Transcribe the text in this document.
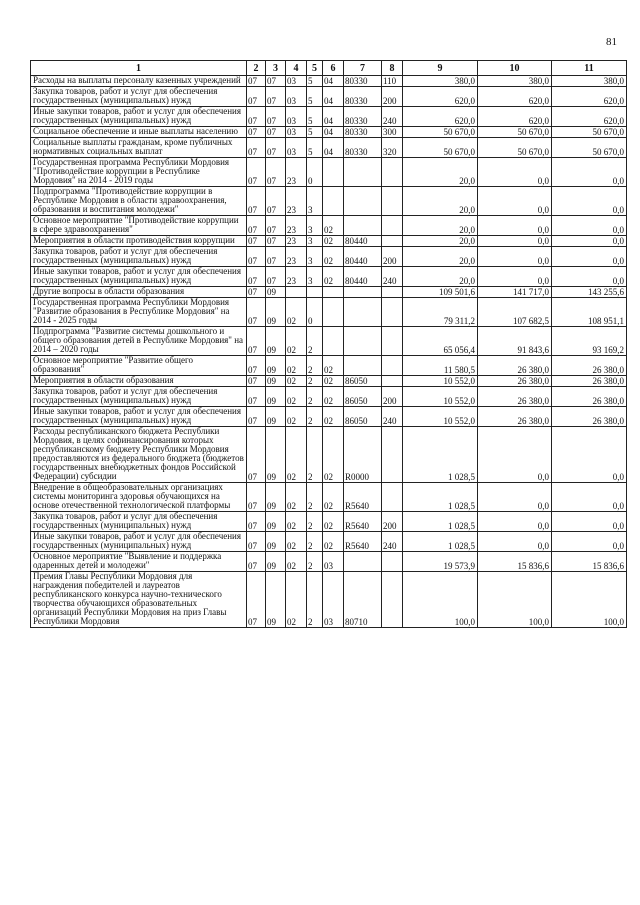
81
1	2	3	4	5	6	7	8	9	10	11
Расходы на выплаты персоналу казенных учреждений	07	07	03	5	04	80330	110	380,0	380,0	380,0
Закупка товаров, работ и услуг для обеспечения государственных (муниципальных) нужд	07	07	03	5	04	80330	200	620,0	620,0	620,0
Иные закупки товаров, работ и услуг для обеспечения государственных (муниципальных) нужд	07	07	03	5	04	80330	240	620,0	620,0	620,0
Социальное обеспечение и иные выплаты населению	07	07	03	5	04	80330	300	50 670,0	50 670,0	50 670,0
Социальные выплаты гражданам, кроме публичных нормативных социальных выплат	07	07	03	5	04	80330	320	50 670,0	50 670,0	50 670,0
Государственная программа Республики Мордовия "Противодействие коррупции в Республике Мордовия" на 2014 - 2019 годы	07	07	23	0				20,0	0,0	0,0
Подпрограмма "Противодействие коррупции в Республике Мордовия в области здравоохранения, образования и воспитания молодежи"	07	07	23	3				20,0	0,0	0,0
Основное мероприятие "Противодействие коррупции в сфере здравоохранения"	07	07	23	3	02			20,0	0,0	0,0
Мероприятия в области противодействия коррупции	07	07	23	3	02	80440		20,0	0,0	0,0
Закупка товаров, работ и услуг для обеспечения государственных (муниципальных) нужд	07	07	23	3	02	80440	200	20,0	0,0	0,0
Иные закупки товаров, работ и услуг для обеспечения государственных (муниципальных) нужд	07	07	23	3	02	80440	240	20,0	0,0	0,0
Другие вопросы в области образования	07	09						109 501,6	141 717,0	143 255,6
Государственная программа Республики Мордовия "Развитие образования в Республике Мордовия" на 2014 - 2025 годы	07	09	02	0				79 311,2	107 682,5	108 951,1
Подпрограмма "Развитие системы дошкольного и общего образования детей в Республике Мордовия" на 2014 – 2020 годы	07	09	02	2				65 056,4	91 843,6	93 169,2
Основное мероприятие "Развитие общего образования"	07	09	02	2	02			11 580,5	26 380,0	26 380,0
Мероприятия в области образования	07	09	02	2	02	86050		10 552,0	26 380,0	26 380,0
Закупка товаров, работ и услуг для обеспечения государственных (муниципальных) нужд	07	09	02	2	02	86050	200	10 552,0	26 380,0	26 380,0
Иные закупки товаров, работ и услуг для обеспечения государственных (муниципальных) нужд	07	09	02	2	02	86050	240	10 552,0	26 380,0	26 380,0
Расходы республиканского бюджета Республики Мордовия, в целях софинансирования которых республиканскому бюджету Республики Мордовия предоставляются из федерального бюджета (бюджетов государственных внебюджетных фондов Российской Федерации) субсидии	07	09	02	2	02	R0000		1 028,5	0,0	0,0
Внедрение в общеобразовательных организациях системы мониторинга здоровья обучающихся на основе отечественной технологической платформы	07	09	02	2	02	R5640		1 028,5	0,0	0,0
Закупка товаров, работ и услуг для обеспечения государственных (муниципальных) нужд	07	09	02	2	02	R5640	200	1 028,5	0,0	0,0
Иные закупки товаров, работ и услуг для обеспечения государственных (муниципальных) нужд	07	09	02	2	02	R5640	240	1 028,5	0,0	0,0
Основное мероприятие "Выявление и поддержка одаренных детей и молодежи"	07	09	02	2	03			19 573,9	15 836,6	15 836,6
Премия Главы Республики Мордовия для награждения победителей и лауреатов республиканского конкурса научно-технического творчества обучающихся образовательных организаций Республики Мордовия на приз Главы Республики Мордовия	07	09	02	2	03	80710		100,0	100,0	100,0
